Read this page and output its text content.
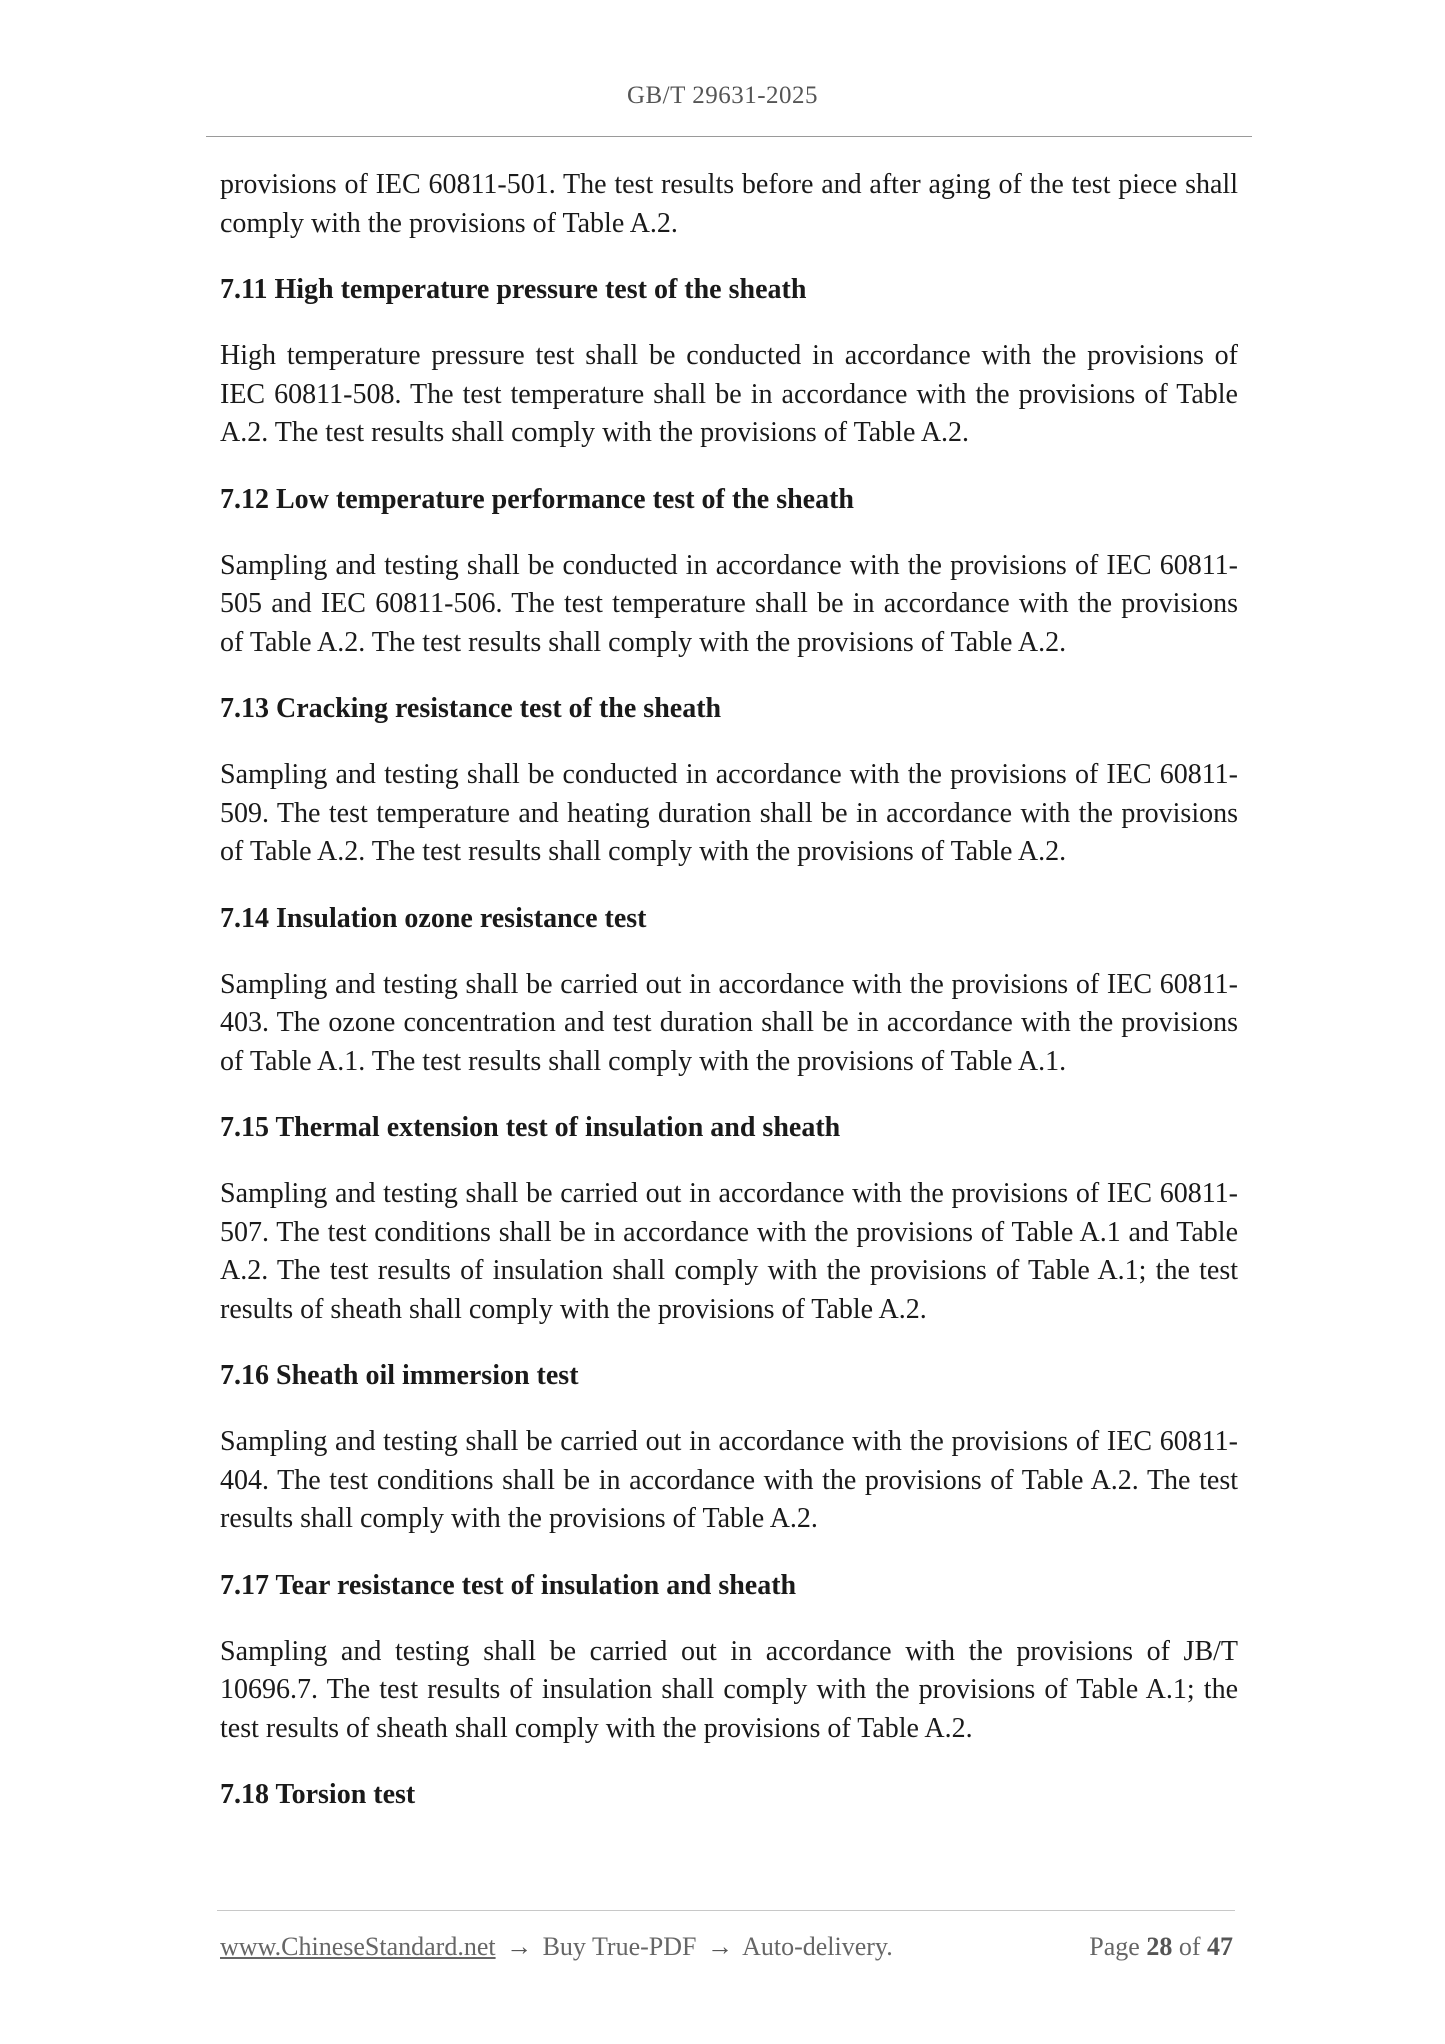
GB/T 29631-2025

provisions of IEC 60811-501. The test results before and after aging of the test piece shall comply with the provisions of Table A.2.

7.11 High temperature pressure test of the sheath

High temperature pressure test shall be conducted in accordance with the provisions of IEC 60811-508. The test temperature shall be in accordance with the provisions of Table A.2. The test results shall comply with the provisions of Table A.2.

7.12 Low temperature performance test of the sheath

Sampling and testing shall be conducted in accordance with the provisions of IEC 60811-505 and IEC 60811-506. The test temperature shall be in accordance with the provisions of Table A.2. The test results shall comply with the provisions of Table A.2.

7.13 Cracking resistance test of the sheath

Sampling and testing shall be conducted in accordance with the provisions of IEC 60811-509. The test temperature and heating duration shall be in accordance with the provisions of Table A.2. The test results shall comply with the provisions of Table A.2.

7.14 Insulation ozone resistance test

Sampling and testing shall be carried out in accordance with the provisions of IEC 60811-403. The ozone concentration and test duration shall be in accordance with the provisions of Table A.1. The test results shall comply with the provisions of Table A.1.

7.15 Thermal extension test of insulation and sheath

Sampling and testing shall be carried out in accordance with the provisions of IEC 60811-507. The test conditions shall be in accordance with the provisions of Table A.1 and Table A.2. The test results of insulation shall comply with the provisions of Table A.1; the test results of sheath shall comply with the provisions of Table A.2.

7.16 Sheath oil immersion test

Sampling and testing shall be carried out in accordance with the provisions of IEC 60811-404. The test conditions shall be in accordance with the provisions of Table A.2. The test results shall comply with the provisions of Table A.2.

7.17 Tear resistance test of insulation and sheath

Sampling and testing shall be carried out in accordance with the provisions of JB/T 10696.7. The test results of insulation shall comply with the provisions of Table A.1; the test results of sheath shall comply with the provisions of Table A.2.

7.18 Torsion test

www.ChineseStandard.net → Buy True-PDF → Auto-delivery.	Page 28 of 47
